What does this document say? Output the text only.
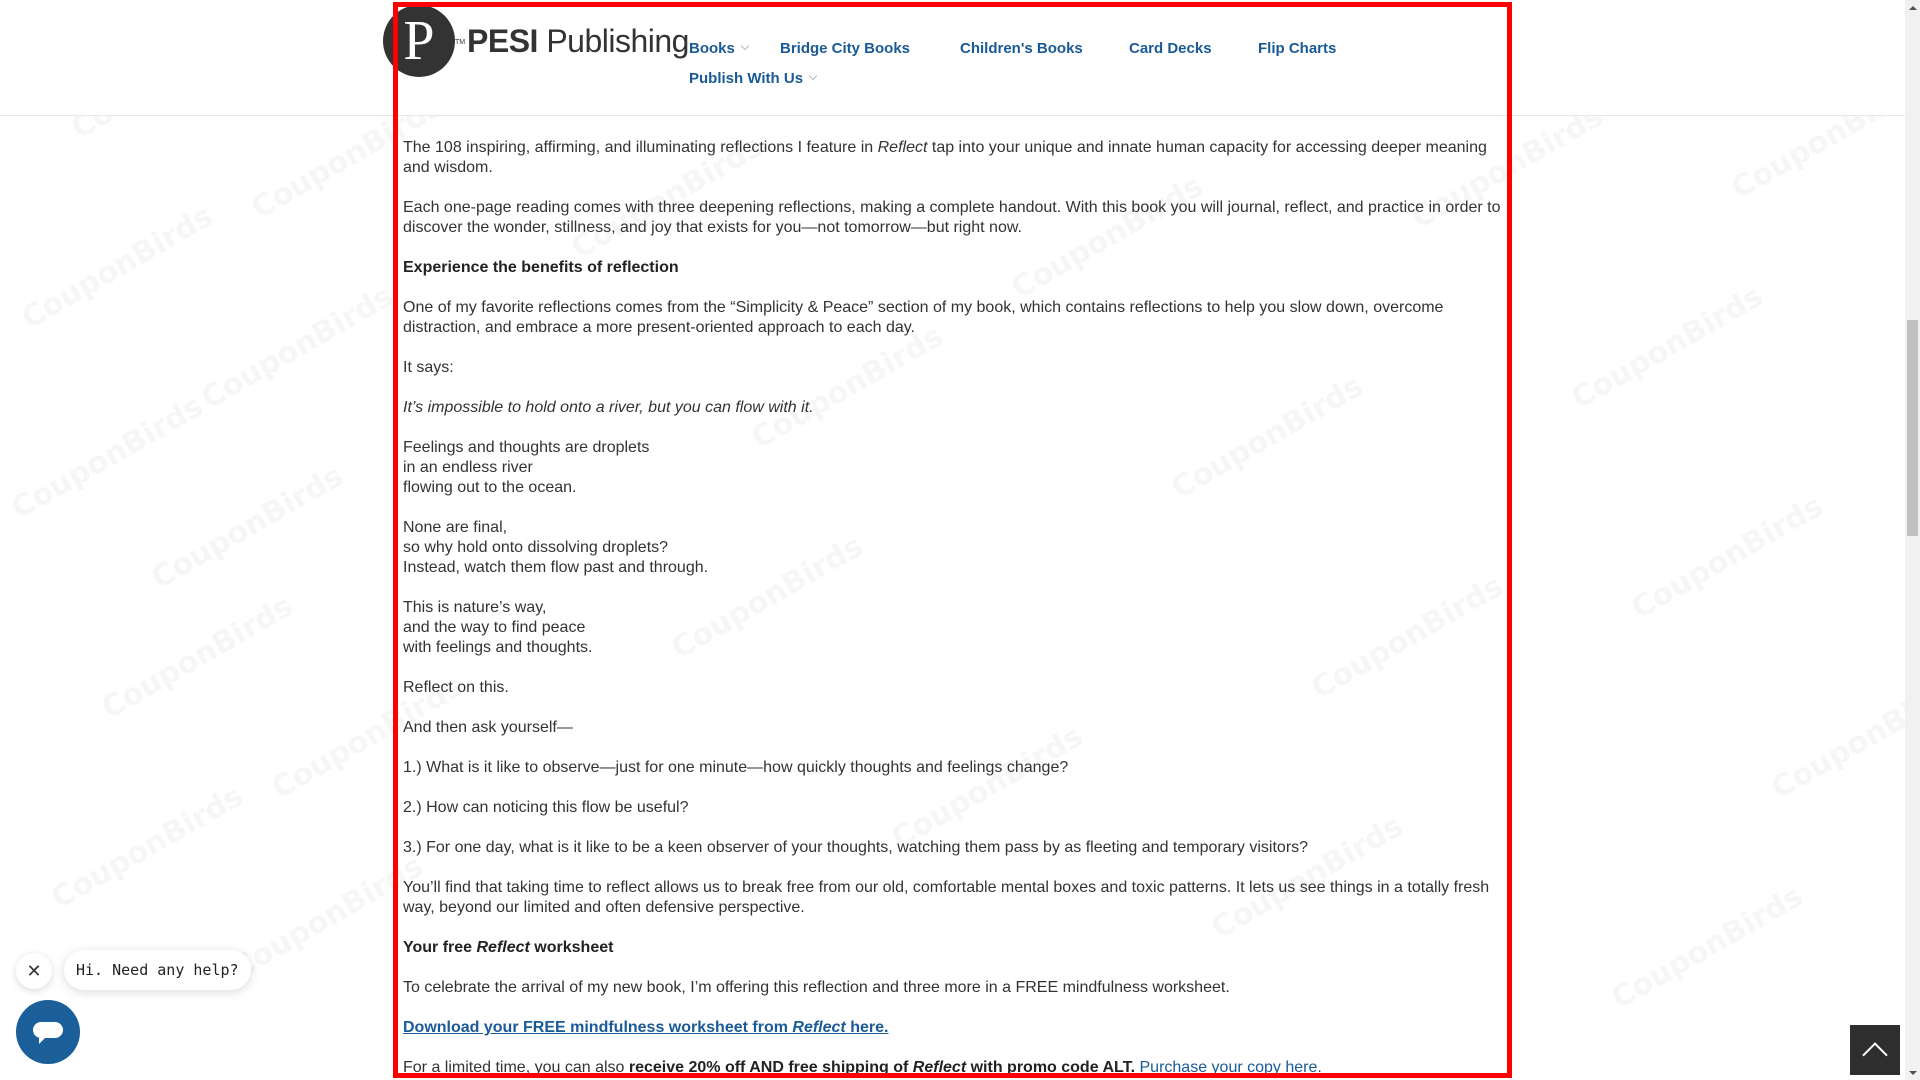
The 108 inspiring, affirming, and illuminating reflections I feature in Reflect tap into your unique and innate human capacity for accessing deeper meaning and wisdom.

Each one-page reading comes with three deepening reflections, making a complete handout. With this book you will journal, reflect, and practice in order to discover the wonder, stillness, and joy that exists for you—not tomorrow—but right now.

Experience the benefits of reflection

One of my favorite reflections comes from the “Simplicity & Peace” section of my book, which contains reflections to help you slow down, overcome distraction, and embrace a more present-oriented approach to each day.

It says:

It’s impossible to hold onto a river, but you can flow with it.

Feelings and thoughts are droplets
in an endless river
flowing out to the ocean.

None are final,
so why hold onto dissolving droplets?
Instead, watch them flow past and through.

This is nature’s way,
and the way to find peace
with feelings and thoughts.

Reflect on this.

And then ask yourself—

1.) What is it like to observe—just for one minute—how quickly thoughts and feelings change?

2.) How can noticing this flow be useful?

3.) For one day, what is it like to be a keen observer of your thoughts, watching them pass by as fleeting and temporary visitors?

You’ll find that taking time to reflect allows us to break free from our old, comfortable mental boxes and toxic patterns. It lets us see things in a totally fresh way, beyond our limited and often defensive perspective.

Your free Reflect worksheet

To celebrate the arrival of my new book, I’m offering this reflection and three more in a FREE mindfulness worksheet.

Download your FREE mindfulness worksheet from Reflect here.

For a limited time, you can also receive 20% off AND free shipping of Reflect with promo code ALT. Purchase your copy here.

P	TM PESI Publishing Books	Bridge City Books	Children's Books	Card Decks	Flip Charts
Publish With Us
✕ Hi. Need any help?
